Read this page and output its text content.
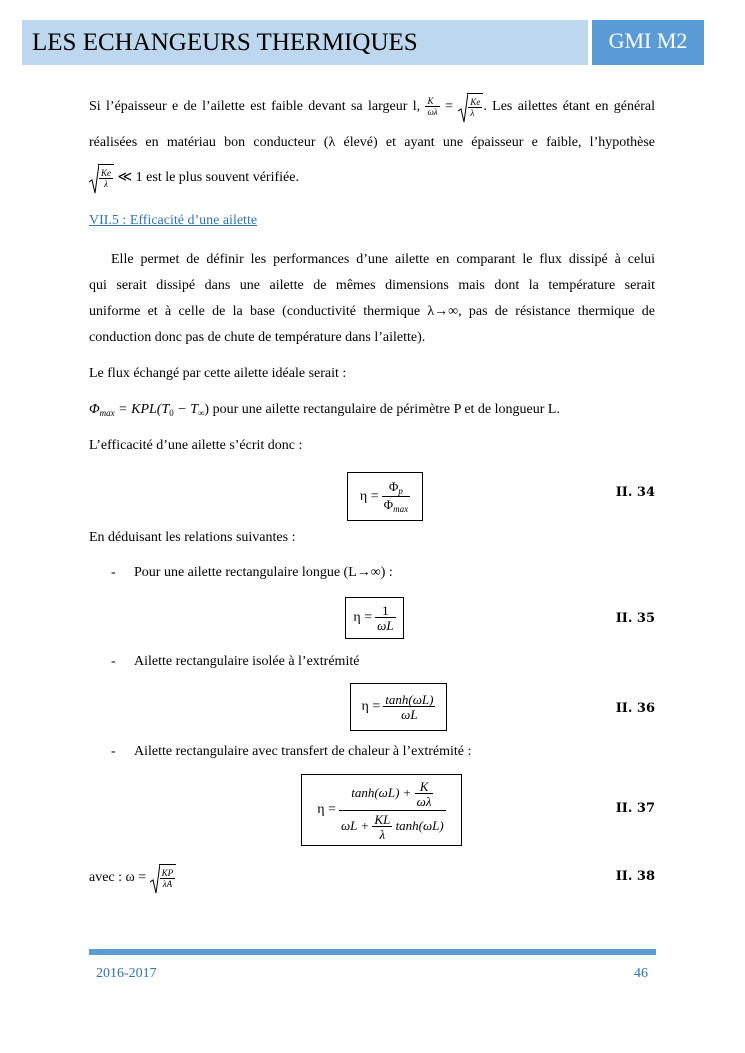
LES ECHANGEURS THERMIQUES	GMI M2
Si l’épaisseur e de l’ailette est faible devant sa largeur l, $\frac{K}{\omega\lambda} = \frac{Ke}{\lambda}$ . Les ailettes étant en général
réalisées en matériau bon conducteur (λ élevé) et ayant une épaisseur e faible, l’hypothèse
$\frac{Ke}{\lambda}$ ≪ 1 est le plus souvent vérifiée.
VII.5 : Efficacité d’une ailette
Elle permet de définir les performances d’une ailette en comparant le flux dissipé à celui
qui serait dissipé dans une ailette de mêmes dimensions mais dont la température serait
uniforme et à celle de la base (conductivité thermique λ→∞, pas de résistance thermique de
conduction donc pas de chute de température dans l’ailette).
Le flux échangé par cette ailette idéale serait :
$\Phi_{max} = KPL(T_0 - T_\infty)$ pour une ailette rectangulaire de périmètre P et de longueur L.
L’efficacité d’une ailette s’écrit donc :
$\eta = \frac{\Phi_p}{\Phi_{max}}$	II. 34
En déduisant les relations suivantes :
- Pour une ailette rectangulaire longue (L→∞) :
$\eta = \frac{1}{\omega L}$	II. 35
- Ailette rectangulaire isolée à l’extrémité
$\eta = \frac{\tanh(\omega L)}{\omega L}$	II. 36
- Ailette rectangulaire avec transfert de chaleur à l’extrémité :
$\eta = \frac{\tanh(\omega L) + \frac{K}{\omega\lambda}}{\omega L + \frac{KL}{\lambda} \tanh(\omega L)}$	II. 37
avec : $\omega = \frac{KP}{\lambda A}$	II. 38
2016-2017	46
